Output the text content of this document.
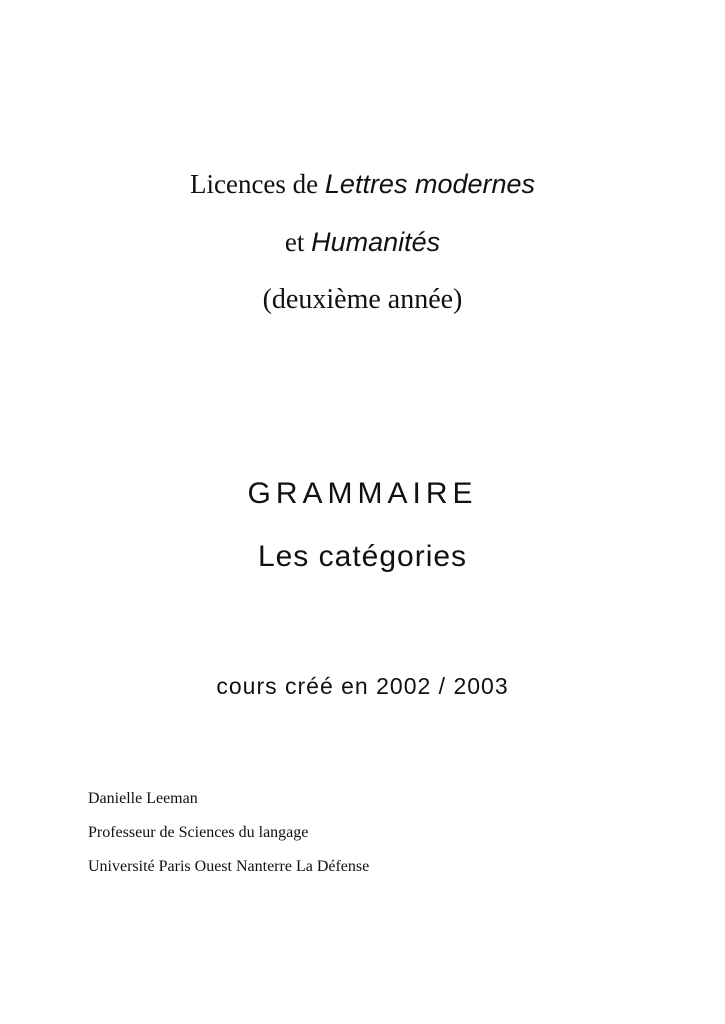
Licences de Lettres modernes
et Humanités
(deuxième année)
GRAMMAIRE
Les catégories
cours créé en 2002 / 2003
Danielle Leeman
Professeur de Sciences du langage
Université Paris Ouest Nanterre La Défense
